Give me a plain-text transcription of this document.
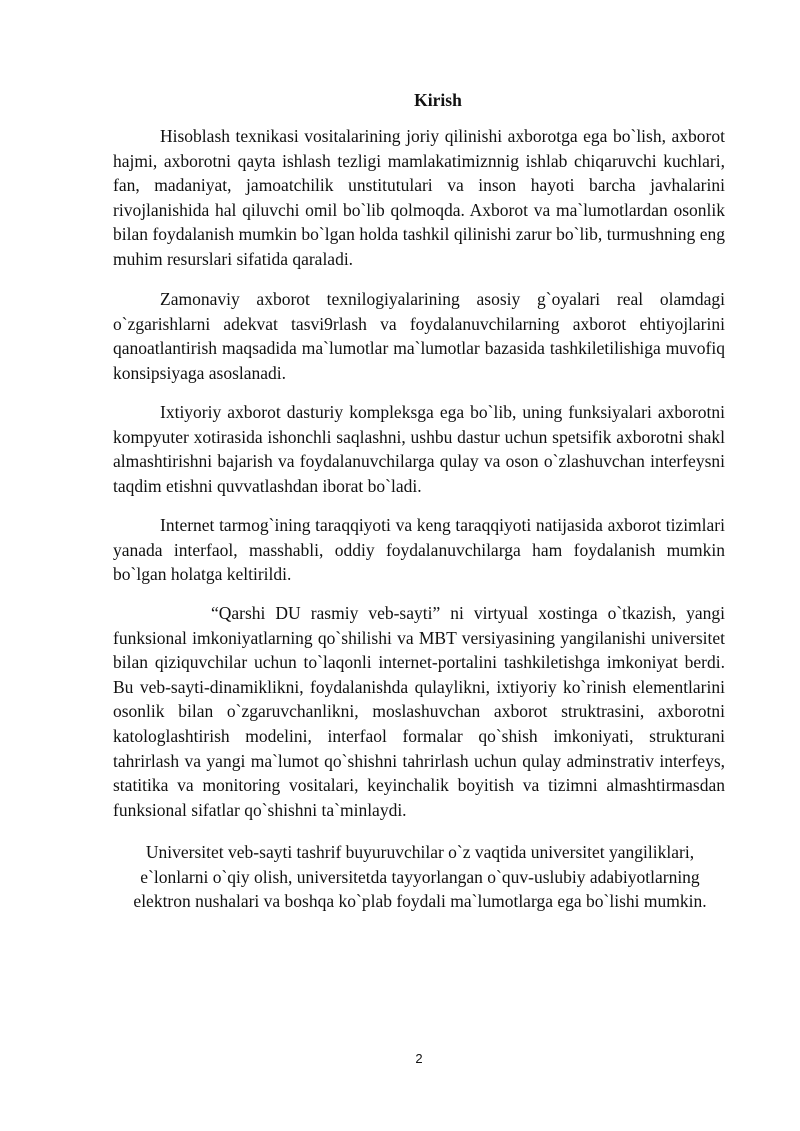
Kirish

Hisoblash texnikasi vositalarining joriy qilinishi axborotga ega bo`lish, axborot hajmi, axborotni qayta ishlash tezligi mamlakatimiznnig ishlab chiqaruvchi kuchlari, fan, madaniyat, jamoatchilik unstitutulari va inson hayoti barcha javhalarini rivojlanishida hal qiluvchi omil bo`lib qolmoqda. Axborot va ma`lumotlardan osonlik bilan foydalanish mumkin bo`lgan holda tashkil qilinishi zarur bo`lib, turmushning eng muhim resurslari sifatida qaraladi.

Zamonaviy axborot texnilogiyalarining asosiy g`oyalari real olamdagi o`zgarishlarni adekvat tasvi9rlash va foydalanuvchilarning axborot ehtiyojlarini qanoatlantirish maqsadida ma`lumotlar ma`lumotlar bazasida tashkiletilishiga muvofiq konsipsiyaga asoslanadi.

Ixtiyoriy axborot dasturiy kompleksga ega bo`lib, uning funksiyalari axborotni kompyuter xotirasida ishonchli saqlashni, ushbu dastur uchun spetsifik axborotni shakl almashtirishni bajarish va foydalanuvchilarga qulay va oson o`zlashuvchan interfeysni taqdim etishni quvvatlashdan iborat bo`ladi.

Internet tarmog`ining taraqqiyoti va keng taraqqiyoti natijasida axborot tizimlari yanada interfaol, masshabli, oddiy foydalanuvchilarga ham foydalanish mumkin bo`lgan holatga keltirildi.

“Qarshi DU rasmiy veb-sayti” ni virtyual xostinga o`tkazish, yangi funksional imkoniyatlarning qo`shilishi va MBT versiyasining yangilanishi universitet bilan qiziquvchilar uchun to`laqonli internet-portalini tashkiletishga imkoniyat berdi. Bu veb-sayti-dinamiklikni, foydalanishda qulaylikni, ixtiyoriy ko`rinish elementlarini osonlik bilan o`zgaruvchanlikni, moslashuvchan axborot struktrasini, axborotni katologlashtirish modelini, interfaol formalar qo`shish imkoniyati, strukturani tahrirlash va yangi ma`lumot qo`shishni tahrirlash uchun qulay adminstrativ interfeys, statitika va monitoring vositalari, keyinchalik boyitish va tizimni almashtirmasdan funksional sifatlar qo`shishni ta`minlaydi.

Universitet veb-sayti tashrif buyuruvchilar o`z vaqtida universitet yangiliklari, e`lonlarni o`qiy olish, universitetda tayyorlangan o`quv-uslubiy adabiyotlarning elektron nushalari va boshqa ko`plab foydali ma`lumotlarga ega bo`lishi mumkin.

2
